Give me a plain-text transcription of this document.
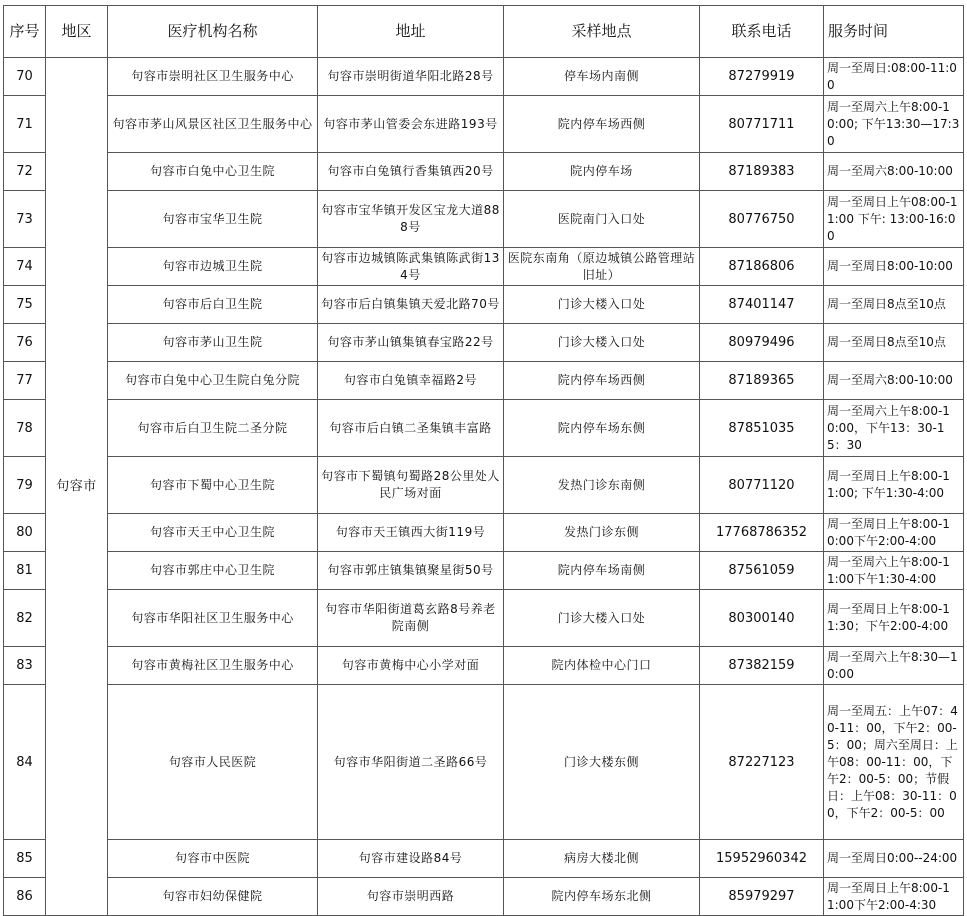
序号	地区	医疗机构名称	地址	采样地点	联系电话	服务时间
70	句容市	句容市崇明社区卫生服务中心	句容市崇明街道华阳北路28号	停车场内南侧	87279919	周一至周日:08:00-11:00
71		句容市茅山风景区社区卫生服务中心	句容市茅山管委会东进路193号	院内停车场西侧	80771711	周一至周六上午8:00-10:00; 下午13:30—17:30
72		句容市白兔中心卫生院	句容市白兔镇行香集镇西20号	院内停车场	87189383	周一至周六8:00-10:00
73		句容市宝华卫生院	句容市宝华镇开发区宝龙大道888号	医院南门入口处	80776750	周一至周日上午08:00-11:00 下午: 13:00-16:00
74		句容市边城卫生院	句容市边城镇陈武集镇陈武街134号	医院东南角（原边城镇公路管理站旧址）	87186806	周一至周日8:00-10:00
75		句容市后白卫生院	句容市后白镇集镇天爱北路70号	门诊大楼入口处	87401147	周一至周日8点至10点
76		句容市茅山卫生院	句容市茅山镇集镇春宝路22号	门诊大楼入口处	80979496	周一至周日8点至10点
77		句容市白兔中心卫生院白兔分院	句容市白兔镇幸福路2号	院内停车场西侧	87189365	周一至周六8:00-10:00
78		句容市后白卫生院二圣分院	句容市后白镇二圣集镇丰富路	院内停车场东侧	87851035	周一至周六上午8:00-10:00，下午13：30-15：30
79		句容市下蜀中心卫生院	句容市下蜀镇句蜀路28公里处人民广场对面	发热门诊东南侧	80771120	周一至周日上午8:00-11:00; 下午1:30-4:00
80		句容市天王中心卫生院	句容市天王镇西大街119号	发热门诊东侧	17768786352	周一至周日上午8:00-10:00下午2:00-4:00
81		句容市郭庄中心卫生院	句容市郭庄镇集镇聚星街50号	院内停车场南侧	87561059	周一至周六上午8:00-11:00下午1:30-4:00
82		句容市华阳社区卫生服务中心	句容市华阳街道葛玄路8号养老院南侧	门诊大楼入口处	80300140	周一至周日上午8:00-11:30；下午2:00-4:00
83		句容市黄梅社区卫生服务中心	句容市黄梅中心小学对面	院内体检中心门口	87382159	周一至周六上午8:30—10:00
84		句容市人民医院	句容市华阳街道二圣路66号	门诊大楼东侧	87227123	周一至周五：上午07：40-11：00，下午2：00-5：00；周六至周日：上午08：00-11：00，下午2：00-5：00；节假日：上午08：30-11：00，下午2：00-5：00
85		句容市中医院	句容市建设路84号	病房大楼北侧	15952960342	周一至周日0:00--24:00
86		句容市妇幼保健院	句容市崇明西路	院内停车场东北侧	85979297	周一至周日上午8:00-11:00下午2:00-4:30
